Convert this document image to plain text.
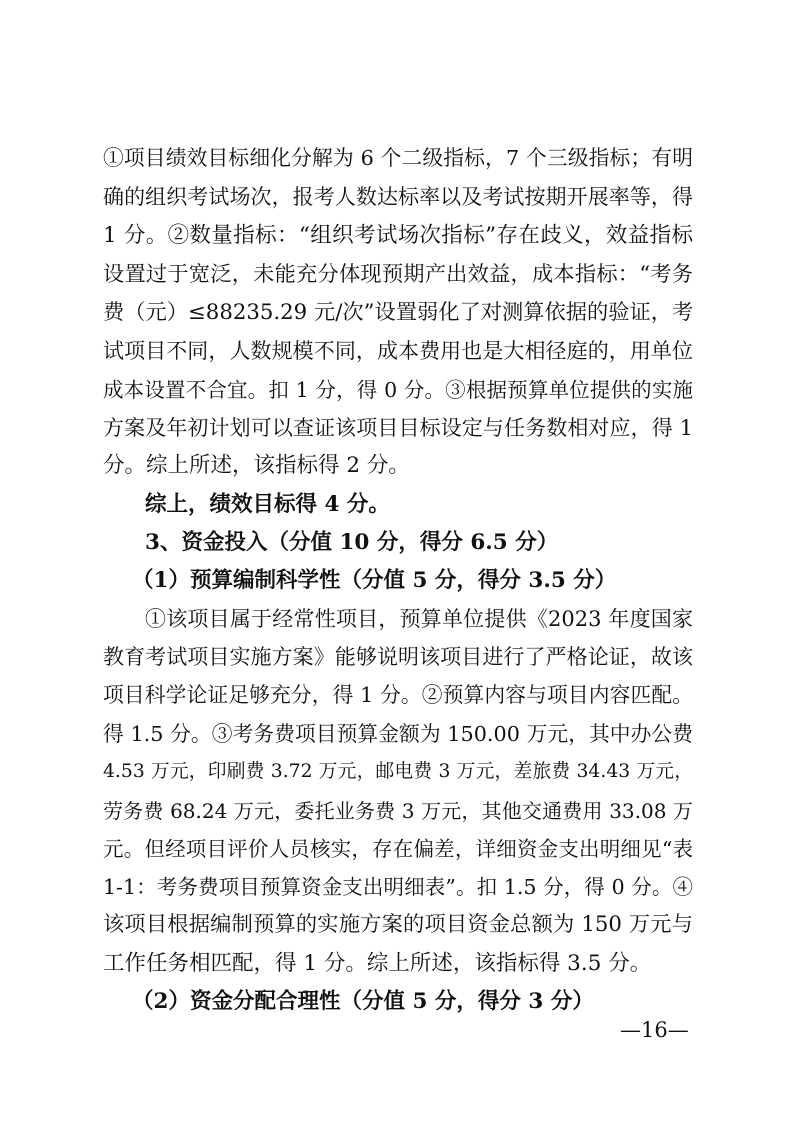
①项目绩效目标细化分解为 6 个二级指标，7 个三级指标；有明
确的组织考试场次，报考人数达标率以及考试按期开展率等，得
1 分。②数量指标：“组织考试场次指标”存在歧义，效益指标
设置过于宽泛，未能充分体现预期产出效益，成本指标：“考务
费（元）≤88235.29 元/次”设置弱化了对测算依据的验证，考
试项目不同，人数规模不同，成本费用也是大相径庭的，用单位
成本设置不合宜。扣 1 分，得 0 分。③根据预算单位提供的实施
方案及年初计划可以查证该项目目标设定与任务数相对应，得 1
分。综上所述，该指标得 2 分。
综上，绩效目标得 4 分。
3、资金投入（分值 10 分，得分 6.5 分）
（1）预算编制科学性（分值 5 分，得分 3.5 分）
①该项目属于经常性项目，预算单位提供《2023 年度国家
教育考试项目实施方案》能够说明该项目进行了严格论证，故该
项目科学论证足够充分，得 1 分。②预算内容与项目内容匹配。
得 1.5 分。③考务费项目预算金额为 150.00 万元，其中办公费
4.53 万元，印刷费 3.72 万元，邮电费 3 万元，差旅费 34.43 万元，
劳务费 68.24 万元，委托业务费 3 万元，其他交通费用 33.08 万
元。但经项目评价人员核实，存在偏差，详细资金支出明细见“表
1-1：考务费项目预算资金支出明细表”。扣 1.5 分，得 0 分。④
该项目根据编制预算的实施方案的项目资金总额为 150 万元与
工作任务相匹配，得 1 分。综上所述，该指标得 3.5 分。
（2）资金分配合理性（分值 5 分，得分 3 分）
—16—
